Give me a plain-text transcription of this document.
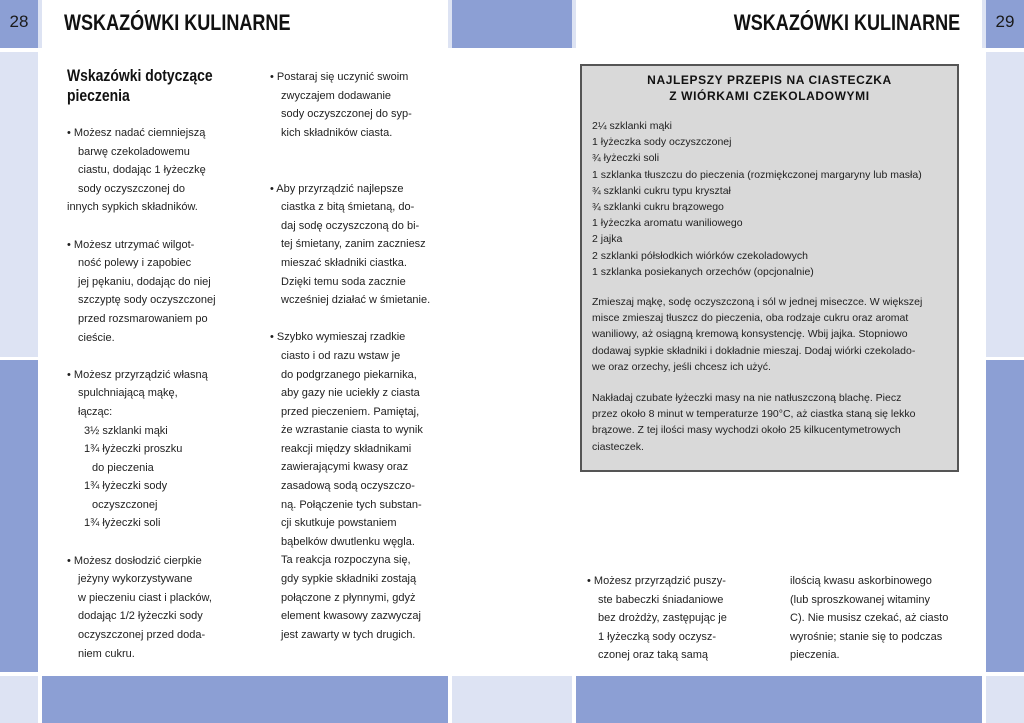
28	WSKAZÓWKI KULINARNE	WSKAZÓWKI KULINARNE	29
Wskazówki dotyczące
pieczenia

• Możesz nadać ciemniejszą

barwę czekoladowemu

ciastu, dodając 1 łyżeczkę

sody oczyszczonej do

innych sypkich składników.

• Możesz utrzymać wilgot-

ność polewy i zapobiec

jej pękaniu, dodając do niej

szczyptę sody oczyszczonej

przed rozsmarowaniem po

cieście.

• Możesz przyrządzić własną

spulchniającą mąkę,

łącząc:

3½ szklanki mąki

1¾ łyżeczki proszku

do pieczenia

1¾ łyżeczki sody

oczyszczonej

1¾ łyżeczki soli

• Możesz dosłodzić cierpkie

jeżyny wykorzystywane

w pieczeniu ciast i placków,

dodając 1/2 łyżeczki sody

oczyszczonej przed doda-

niem cukru.

• Postaraj się uczynić swoim

zwyczajem dodawanie

sody oczyszczonej do syp-

kich składników ciasta.

• Aby przyrządzić najlepsze

ciastka z bitą śmietaną, do-

daj sodę oczyszczoną do bi-

tej śmietany, zanim zaczniesz

mieszać składniki ciastka.

Dzięki temu soda zacznie

wcześniej działać w śmietanie.

• Szybko wymieszaj rzadkie

ciasto i od razu wstaw je

do podgrzanego piekarnika,

aby gazy nie uciekły z ciasta

przed pieczeniem. Pamiętaj,

że wzrastanie ciasta to wynik

reakcji między składnikami

zawierającymi kwasy oraz

zasadową sodą oczyszczo-

ną. Połączenie tych substan-

cji skutkuje powstaniem

bąbelków dwutlenku węgla.

Ta reakcja rozpoczyna się,

gdy sypkie składniki zostają

połączone z płynnymi, gdyż

element kwasowy zazwyczaj

jest zawarty w tych drugich.

NAJLEPSZY PRZEPIS NA CIASTECZKA
Z WIÓRKAMI CZEKOLADOWYMI

2¼ szklanki mąki

1 łyżeczka sody oczyszczonej

¾ łyżeczki soli

1 szklanka tłuszczu do pieczenia (rozmiękczonej margaryny lub masła)

¾ szklanki cukru typu kryształ

¾ szklanki cukru brązowego

1 łyżeczka aromatu waniliowego

2 jajka

2 szklanki półsłodkich wiórków czekoladowych

1 szklanka posiekanych orzechów (opcjonalnie)

Zmieszaj mąkę, sodę oczyszczoną i sól w jednej miseczce. W większej

misce zmieszaj tłuszcz do pieczenia, oba rodzaje cukru oraz aromat

waniliowy, aż osiągną kremową konsystencję. Wbij jajka. Stopniowo

dodawaj sypkie składniki i dokładnie mieszaj. Dodaj wiórki czekolado-

we oraz orzechy, jeśli chcesz ich użyć.

Nakładaj czubate łyżeczki masy na nie natłuszczoną blachę. Piecz

przez około 8 minut w temperaturze 190°C, aż ciastka staną się lekko

brązowe. Z tej ilości masy wychodzi około 25 kilkucentymetrowych

ciasteczek.

• Możesz przyrządzić puszy-

ste babeczki śniadaniowe

bez drożdży, zastępując je

1 łyżeczką sody oczysz-

czonej oraz taką samą

ilością kwasu askorbinowego

(lub sproszkowanej witaminy

C). Nie musisz czekać, aż ciasto

wyrośnie; stanie się to podczas

pieczenia.
